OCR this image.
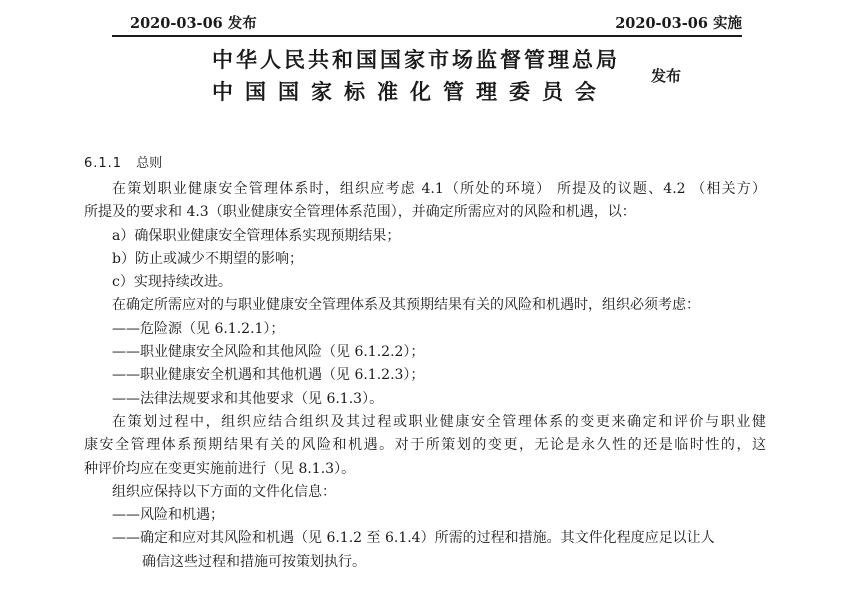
2020-03-06 发布	2020-03-06 实施
中华人民共和国国家市场监督管理总局
中国国家标准化管理委员会
发布
6.1.1 总则
在策划职业健康安全管理体系时，组织应考虑 4.1（所处的环境） 所提及的议题、4.2 （相关方）
所提及的要求和 4.3（职业健康安全管理体系范围），并确定所需应对的风险和机遇，以：
a）确保职业健康安全管理体系实现预期结果；
b）防止或减少不期望的影响；
c）实现持续改进。
在确定所需应对的与职业健康安全管理体系及其预期结果有关的风险和机遇时，组织必须考虑：
——危险源（见 6.1.2.1）；
——职业健康安全风险和其他风险（见 6.1.2.2）；
——职业健康安全机遇和其他机遇（见 6.1.2.3）；
——法律法规要求和其他要求（见 6.1.3）。
在策划过程中，组织应结合组织及其过程或职业健康安全管理体系的变更来确定和评价与职业健
康安全管理体系预期结果有关的风险和机遇。对于所策划的变更，无论是永久性的还是临时性的，这
种评价均应在变更实施前进行（见 8.1.3）。
组织应保持以下方面的文件化信息：
——风险和机遇；
——确定和应对其风险和机遇（见 6.1.2 至 6.1.4）所需的过程和措施。其文件化程度应足以让人
确信这些过程和措施可按策划执行。
